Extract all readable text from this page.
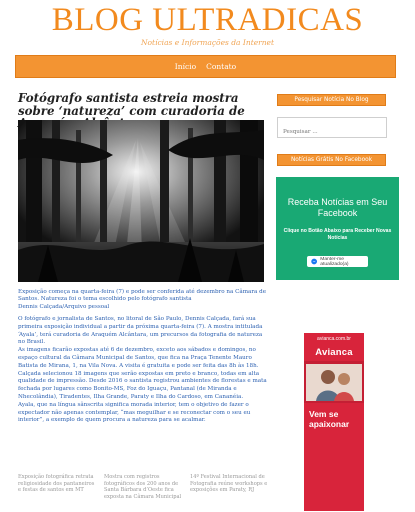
BLOG ULTRADICAS
Notícias e Informações da Internet
Início Contato
Fotógrafo santista estreia mostra sobre ‘natureza’ com curadoria de
Exposição começa na quarta-feira (7) e pode ser conferida até dezembro na Câmara de Santos. Natureza foi o tema escolhido pelo fotógrafo santista
Dennis Calçada/Arquivo pessoal

O fotógrafo e jornalista de Santos, no litoral de São Paulo, Dennis Calçada, fará sua primeira exposição individual a partir da próxima quarta-feira (7). A mostra intitulada ‘Ayala’, terá curadoria de Araquém Alcântara, um precursos da fotografia de natureza no Brasil.

As imagens ficarão expostas até 6 de dezembro, exceto aos sábados e domingos, no espaço cultural da Câmara Municipal de Santos, que fica na Praça Tenente Mauro Batista de Mirana, 1, na Vila Nova. A visita é gratuita e pode ser feita das 8h às 18h.

Calçada selecionou 18 imagens que serão expostas em preto e branco, todas em alta qualidade de impressão. Desde 2016 o santista registrou ambientes de florestas e mata fechada por lugares como Bonito-MS, Foz do Iguaçu, Pantanal (de Miranda e Nhecolândia), Tiradentes, Ilha Grande, Paraty e Ilha do Cardoso, em Cananéia.

Ayala, que na língua sânscrita significa morada interior, tem o objetivo de fazer o expectador não apenas contemplar, “mas meguilhar e se reconectar com o seu eu interior”, a exemplo de quem procura a natureza para se acalmar.

Exposição fotográfica retrata religiosidade dos pantaneiros e festas de santos em MT
Mostra com registros fotográficos dos 200 anos de Santa Bárbara d’Oeste fica exposta na Câmara Municipal
14º Festival Internacional de Fotografia reúne workshops e exposições em Paraty, RJ
Pesquisar Notícia No Blog
Pesquisar ...
Notícias Grátis No Facebook
Receba Notícias em Seu Facebook
Clique no Botão Abaixo para Receber Novas Notícias
Manter-me atualizado(a)
avianca.com.br
Avianca
Vem se apaixonar
